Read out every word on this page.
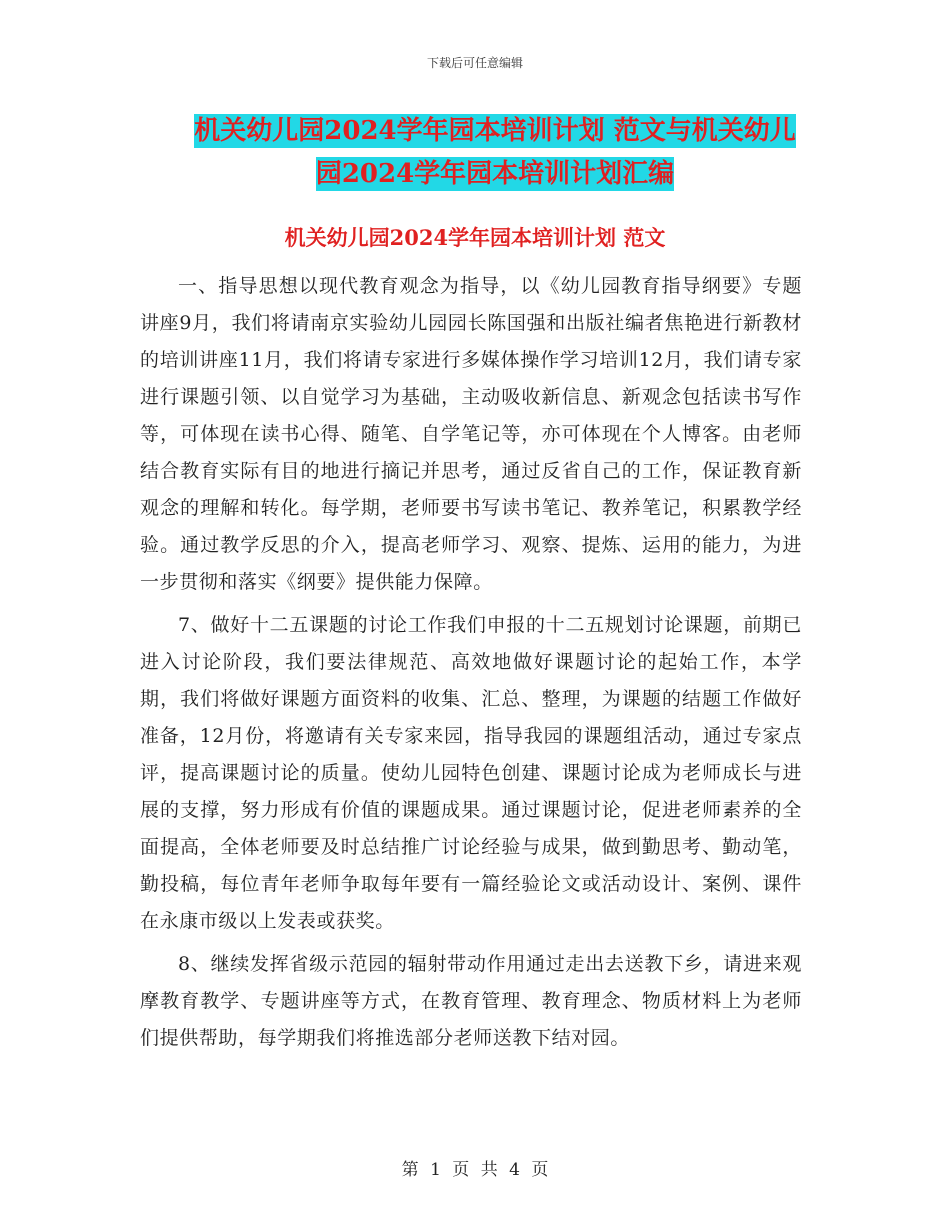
下载后可任意编辑
机关幼儿园2024学年园本培训计划 范文与机关幼儿
园2024学年园本培训计划汇编
机关幼儿园2024学年园本培训计划 范文

一、指导思想以现代教育观念为指导，以《幼儿园教育指导纲要》专题讲座9月，我们将请南京实验幼儿园园长陈国强和出版社编者焦艳进行新教材的培训讲座11月，我们将请专家进行多媒体操作学习培训12月，我们请专家进行课题引领、以自觉学习为基础，主动吸收新信息、新观念包括读书写作等，可体现在读书心得、随笔、自学笔记等，亦可体现在个人博客。由老师结合教育实际有目的地进行摘记并思考，通过反省自己的工作，保证教育新观念的理解和转化。每学期，老师要书写读书笔记、教养笔记，积累教学经验。通过教学反思的介入，提高老师学习、观察、提炼、运用的能力，为进一步贯彻和落实《纲要》提供能力保障。

7、做好十二五课题的讨论工作我们申报的十二五规划讨论课题，前期已进入讨论阶段，我们要法律规范、高效地做好课题讨论的起始工作，本学期，我们将做好课题方面资料的收集、汇总、整理，为课题的结题工作做好准备，12月份，将邀请有关专家来园，指导我园的课题组活动，通过专家点评，提高课题讨论的质量。使幼儿园特色创建、课题讨论成为老师成长与进展的支撑，努力形成有价值的课题成果。通过课题讨论，促进老师素养的全面提高，全体老师要及时总结推广讨论经验与成果，做到勤思考、勤动笔，勤投稿，每位青年老师争取每年要有一篇经验论文或活动设计、案例、课件在永康市级以上发表或获奖。

8、继续发挥省级示范园的辐射带动作用通过走出去送教下乡，请进来观摩教育教学、专题讲座等方式，在教育管理、教育理念、物质材料上为老师们提供帮助，每学期我们将推选部分老师送教下结对园。

第 1 页 共 4 页
